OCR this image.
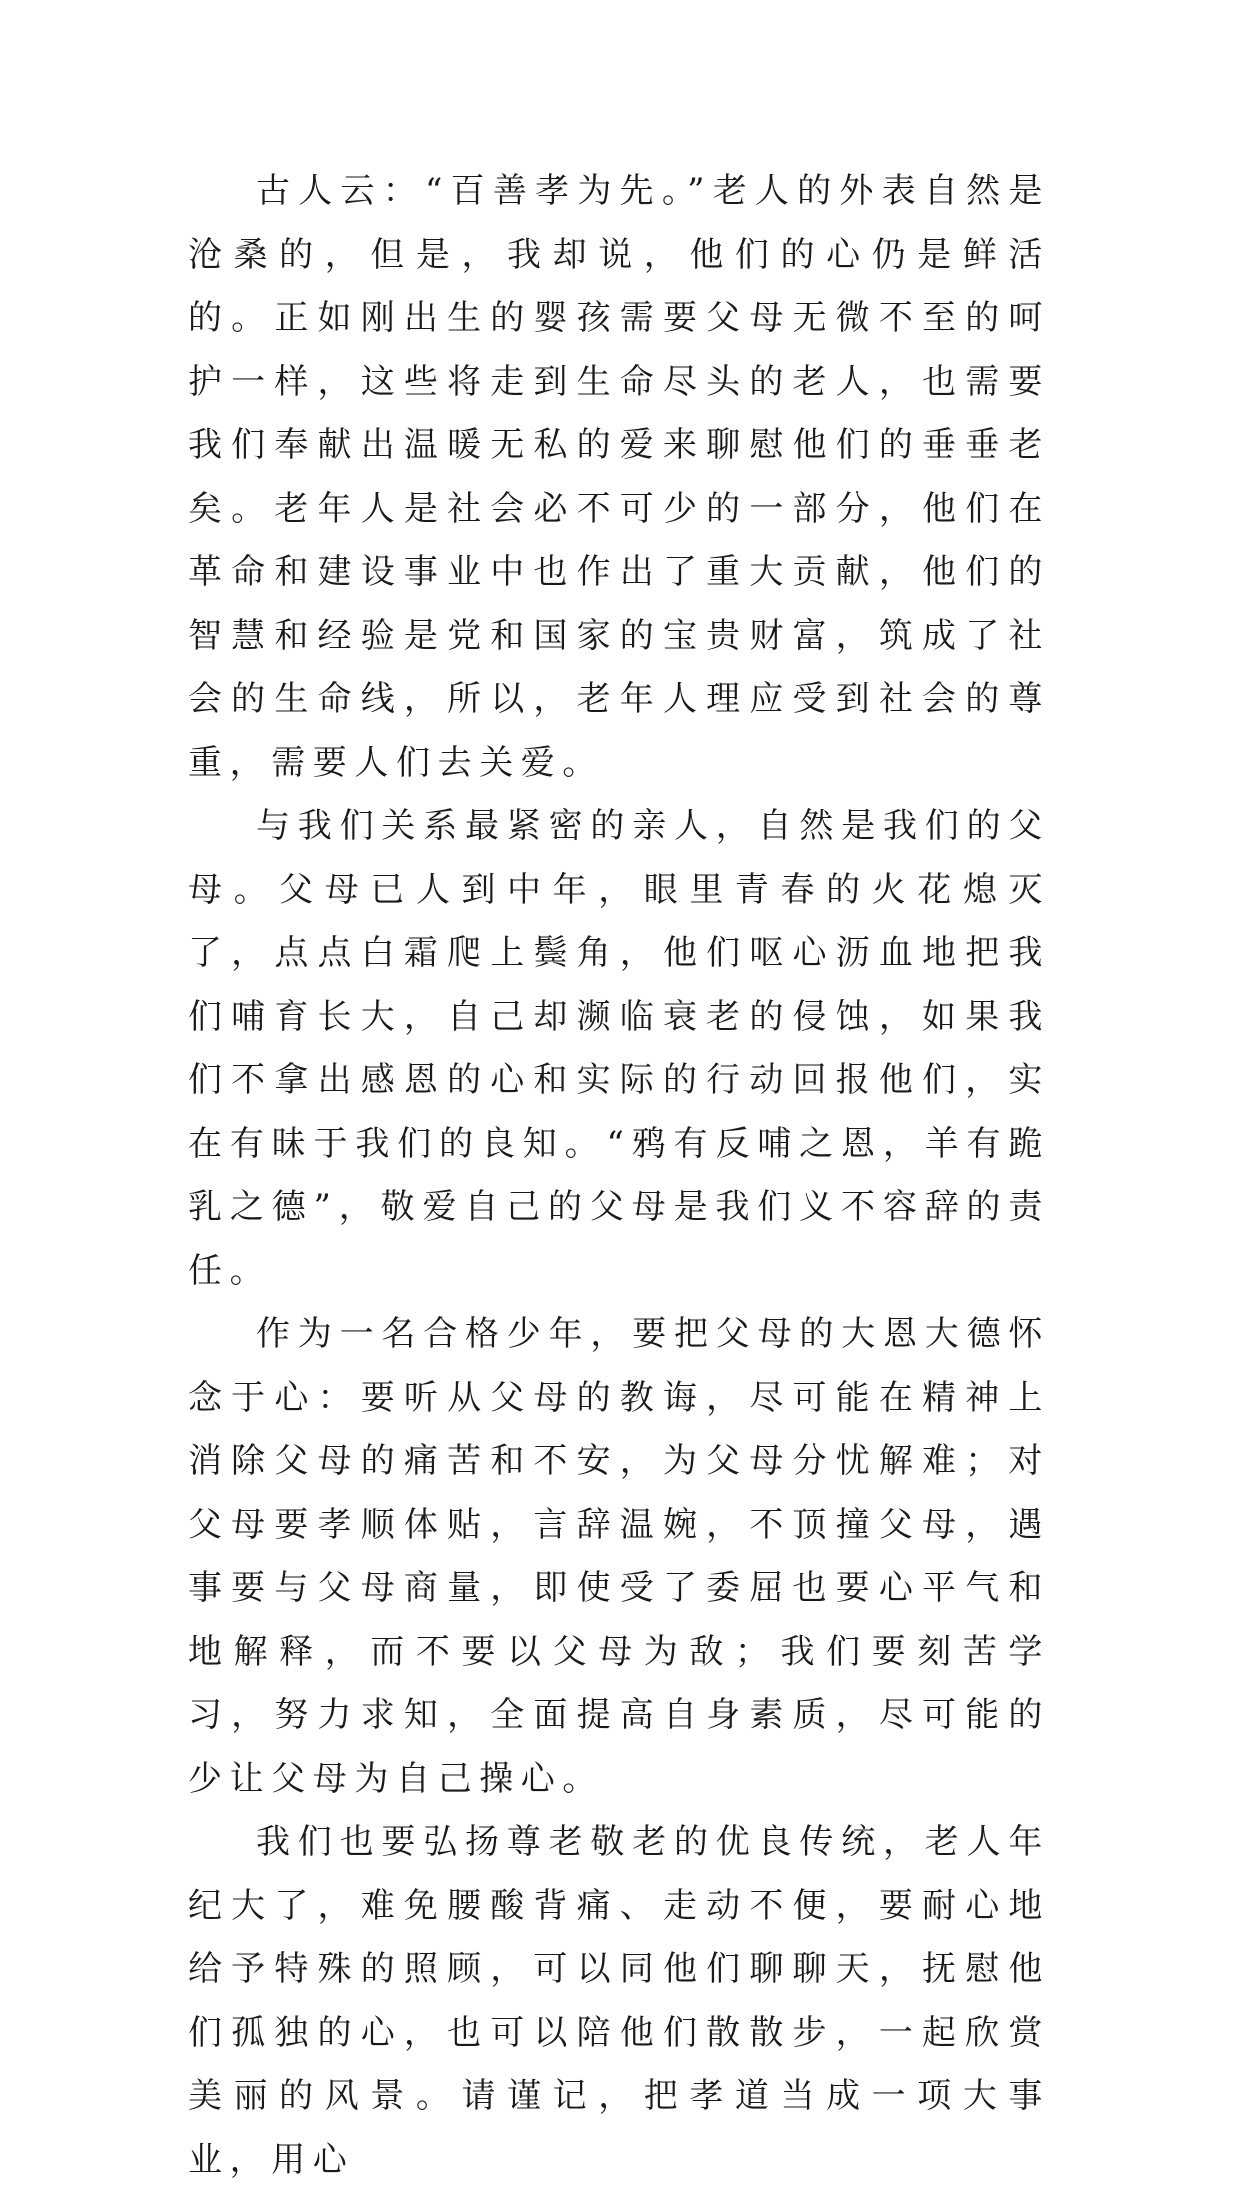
古人云：“百善孝为先。”老人的外表自然是沧桑的，但是，我却说，他们的心仍是鲜活的。正如刚出生的婴孩需要父母无微不至的呵护一样，这些将走到生命尽头的老人，也需要我们奉献出温暖无私的爱来聊慰他们的垂垂老矣。老年人是社会必不可少的一部分，他们在革命和建设事业中也作出了重大贡献，他们的智慧和经验是党和国家的宝贵财富，筑成了社会的生命线，所以，老年人理应受到社会的尊重，需要人们去关爱。

与我们关系最紧密的亲人，自然是我们的父母。父母已人到中年，眼里青春的火花熄灭了，点点白霜爬上鬓角，他们呕心沥血地把我们哺育长大，自己却濒临衰老的侵蚀，如果我们不拿出感恩的心和实际的行动回报他们，实在有昧于我们的良知。“鸦有反哺之恩，羊有跪乳之德”，敬爱自己的父母是我们义不容辞的责任。

作为一名合格少年，要把父母的大恩大德怀念于心：要听从父母的教诲，尽可能在精神上消除父母的痛苦和不安，为父母分忧解难；对父母要孝顺体贴，言辞温婉，不顶撞父母，遇事要与父母商量，即使受了委屈也要心平气和地解释，而不要以父母为敌；我们要刻苦学习，努力求知，全面提高自身素质，尽可能的少让父母为自己操心。

我们也要弘扬尊老敬老的优良传统，老人年纪大了，难免腰酸背痛、走动不便，要耐心地给予特殊的照顾，可以同他们聊聊天，抚慰他们孤独的心，也可以陪他们散散步，一起欣赏美丽的风景。请谨记，把孝道当成一项大事业，用心
